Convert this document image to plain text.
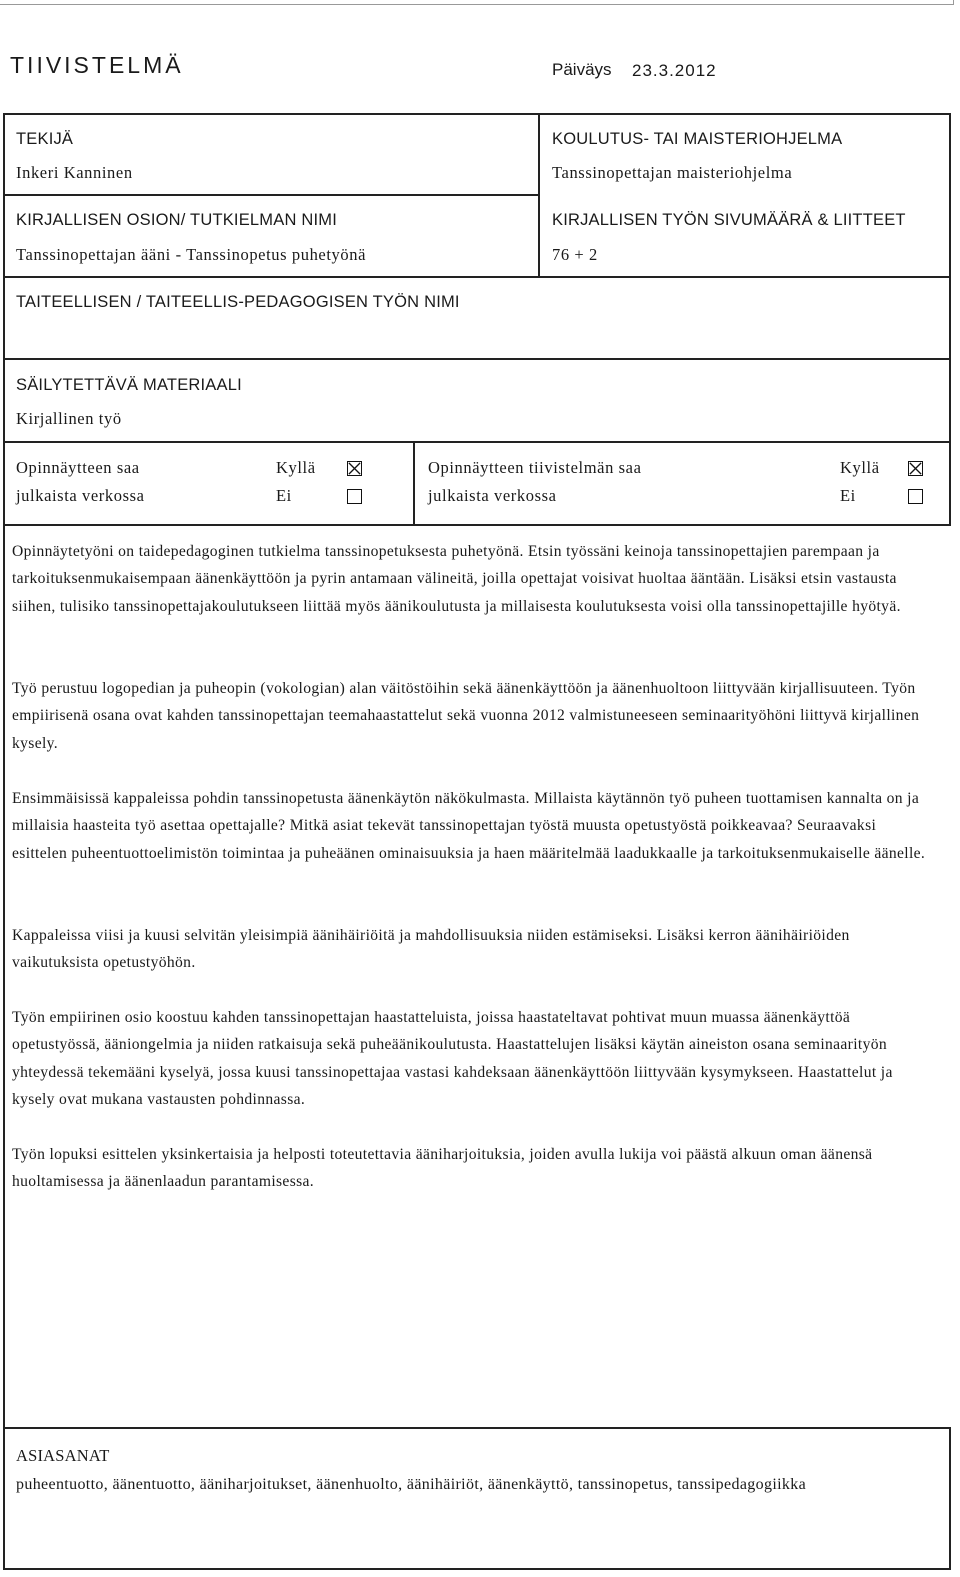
TIIVISTELMÄ	Päiväys 23.3.2012
TEKIJÄ
Inkeri Kanninen
KOULUTUS- TAI MAISTERIOHJELMA
Tanssinopettajan maisteriohjelma
KIRJALLISEN OSION/ TUTKIELMAN NIMI
Tanssinopettajan ääni - Tanssinopetus puhetyönä
KIRJALLISEN TYÖN SIVUMÄÄRÄ & LIITTEET
76 + 2
TAITEELLISEN / TAITEELLIS-PEDAGOGISEN TYÖN NIMI
SÄILYTETTÄVÄ MATERIAALI
Kirjallinen työ
Opinnäytteen saa
julkaista verkossa
Kyllä
Ei
Opinnäytteen tiivistelmän saa
julkaista verkossa
Kyllä
Ei

Opinnäytetyöni on taidepedagoginen tutkielma tanssinopetuksesta puhetyönä. Etsin työssäni keinoja tanssinopettajien parempaan ja tarkoituksenmukaisempaan äänenkäyttöön ja pyrin antamaan välineitä, joilla opettajat voisivat huoltaa ääntään. Lisäksi etsin vastausta siihen, tulisiko tanssinopettajakoulutukseen liittää myös äänikoulutusta ja millaisesta koulutuksesta voisi olla tanssinopettajille hyötyä.

Työ perustuu logopedian ja puheopin (vokologian) alan väitöstöihin sekä äänenkäyttöön ja äänenhuoltoon liittyvään kirjallisuuteen. Työn empiirisenä osana ovat kahden tanssinopettajan teemahaastattelut sekä vuonna 2012 valmistuneeseen seminaarityöhöni liittyvä kirjallinen kysely.

Ensimmäisissä kappaleissa pohdin tanssinopetusta äänenkäytön näkökulmasta. Millaista käytännön työ puheen tuottamisen kannalta on ja millaisia haasteita työ asettaa opettajalle? Mitkä asiat tekevät tanssinopettajan työstä muusta opetustyöstä poikkeavaa? Seuraavaksi esittelen puheentuottoelimistön toimintaa ja puheäänen ominaisuuksia ja haen määritelmää laadukkaalle ja tarkoituksenmukaiselle äänelle.

Kappaleissa viisi ja kuusi selvitän yleisimpiä äänihäiriöitä ja mahdollisuuksia niiden estämiseksi. Lisäksi kerron äänihäiriöiden vaikutuksista opetustyöhön.

Työn empiirinen osio koostuu kahden tanssinopettajan haastatteluista, joissa haastateltavat pohtivat muun muassa äänenkäyttöä opetustyössä, ääniongelmia ja niiden ratkaisuja sekä puheäänikoulutusta. Haastattelujen lisäksi käytän aineiston osana seminaarityön yhteydessä tekemääni kyselyä, jossa kuusi tanssinopettajaa vastasi kahdeksaan äänenkäyttöön liittyvään kysymykseen. Haastattelut ja kysely ovat mukana vastausten pohdinnassa.

Työn lopuksi esittelen yksinkertaisia ja helposti toteutettavia ääniharjoituksia, joiden avulla lukija voi päästä alkuun oman äänensä huoltamisessa ja äänenlaadun parantamisessa.

ASIASANAT

puheentuotto, äänentuotto, ääniharjoitukset, äänenhuolto, äänihäiriöt, äänenkäyttö, tanssinopetus, tanssipedagogiikka
